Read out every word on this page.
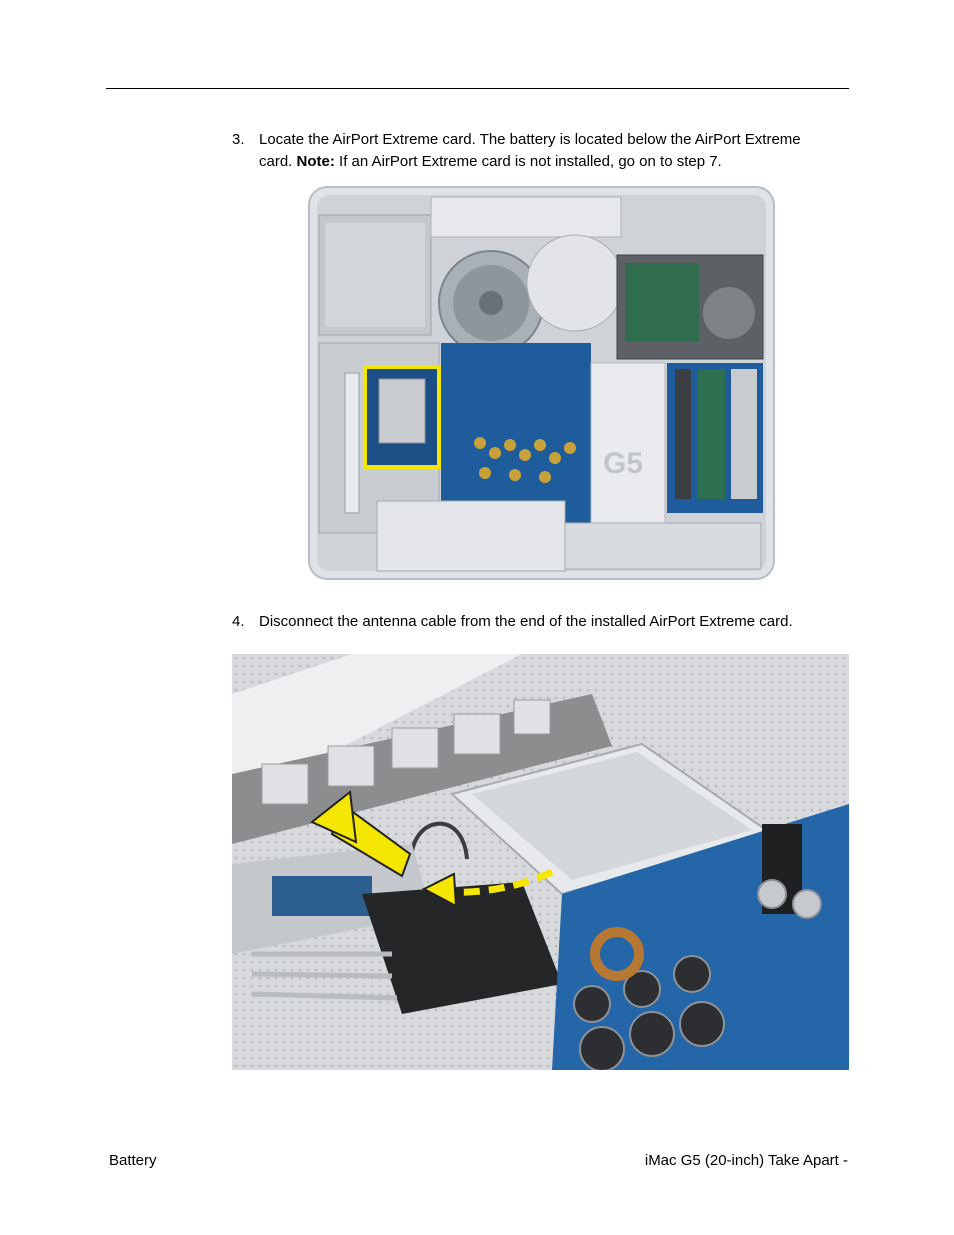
3. Locate the AirPort Extreme card. The battery is located below the AirPort Extreme card. Note: If an AirPort Extreme card is not installed, go on to step 7.
G5
4. Disconnect the antenna cable from the end of the installed AirPort Extreme card.
Battery	iMac G5 (20-inch) Take Apart -
